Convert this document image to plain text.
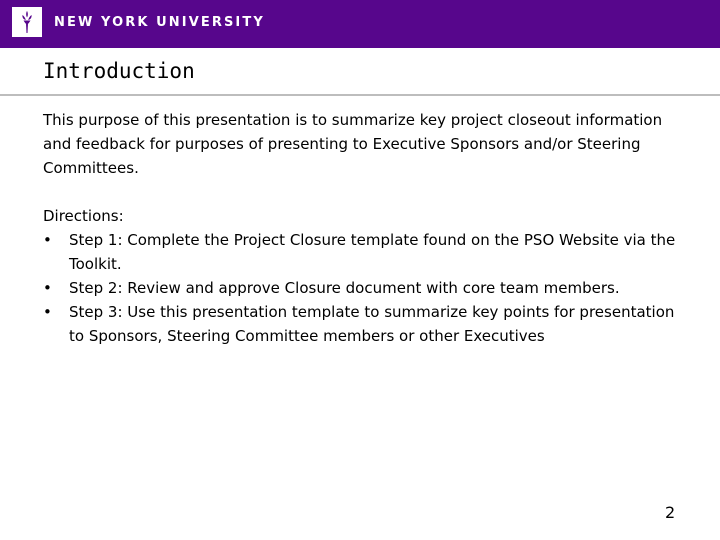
NEW YORK UNIVERSITY
Introduction

This purpose of this presentation is to summarize key project closeout information and feedback for purposes of presenting to Executive Sponsors and/or Steering Committees.

Directions:

• Step 1: Complete the Project Closure template found on the PSO Website via the Toolkit.
• Step 2: Review and approve Closure document with core team members.
• Step 3: Use this presentation template to summarize key points for presentation to Sponsors, Steering Committee members or other Executives
2
